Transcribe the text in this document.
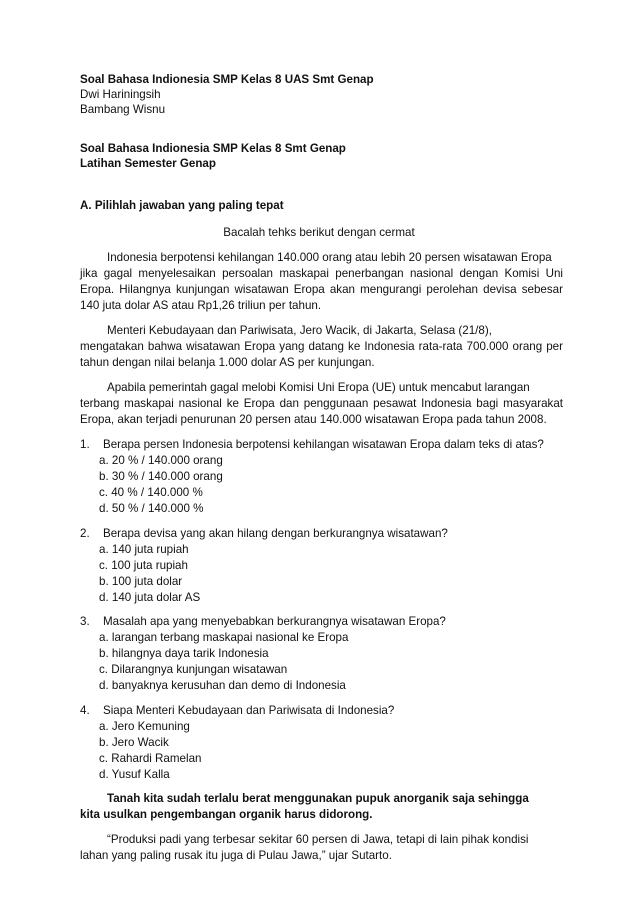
Soal Bahasa Indionesia SMP Kelas 8 UAS Smt Genap
Dwi Hariningsih
Bambang Wisnu
Soal Bahasa Indionesia SMP Kelas 8 Smt Genap
Latihan Semester Genap
A. Pilihlah jawaban yang paling tepat
Bacalah tehks berikut dengan cermat
Indonesia berpotensi kehilangan 140.000 orang atau lebih 20 persen wisatawan Eropa
jika gagal menyelesaikan persoalan maskapai penerbangan nasional dengan Komisi Uni
Eropa. Hilangnya kunjungan wisatawan Eropa akan mengurangi perolehan devisa sebesar
140 juta dolar AS atau Rp1,26 triliun per tahun.
Menteri Kebudayaan dan Pariwisata, Jero Wacik, di Jakarta, Selasa (21/8),
mengatakan bahwa wisatawan Eropa yang datang ke Indonesia rata-rata 700.000 orang per
tahun dengan nilai belanja 1.000 dolar AS per kunjungan.
Apabila pemerintah gagal melobi Komisi Uni Eropa (UE) untuk mencabut larangan
terbang maskapai nasional ke Eropa dan penggunaan pesawat Indonesia bagi masyarakat
Eropa, akan terjadi penurunan 20 persen atau 140.000 wisatawan Eropa pada tahun 2008.
1. Berapa persen Indonesia berpotensi kehilangan wisatawan Eropa dalam teks di atas?
a. 20 % / 140.000 orang
b. 30 % / 140.000 orang
c. 40 % / 140.000 %
d. 50 % / 140.000 %
2. Berapa devisa yang akan hilang dengan berkurangnya wisatawan?
a. 140 juta rupiah
c. 100 juta rupiah
b. 100 juta dolar
d. 140 juta dolar AS
3. Masalah apa yang menyebabkan berkurangnya wisatawan Eropa?
a. larangan terbang maskapai nasional ke Eropa
b. hilangnya daya tarik Indonesia
c. Dilarangnya kunjungan wisatawan
d. banyaknya kerusuhan dan demo di Indonesia
4. Siapa Menteri Kebudayaan dan Pariwisata di Indonesia?
a. Jero Kemuning
b. Jero Wacik
c. Rahardi Ramelan
d. Yusuf Kalla
Tanah kita sudah terlalu berat menggunakan pupuk anorganik saja sehingga
kita usulkan pengembangan organik harus didorong.
“Produksi padi yang terbesar sekitar 60 persen di Jawa, tetapi di lain pihak kondisi
lahan yang paling rusak itu juga di Pulau Jawa,” ujar Sutarto.
